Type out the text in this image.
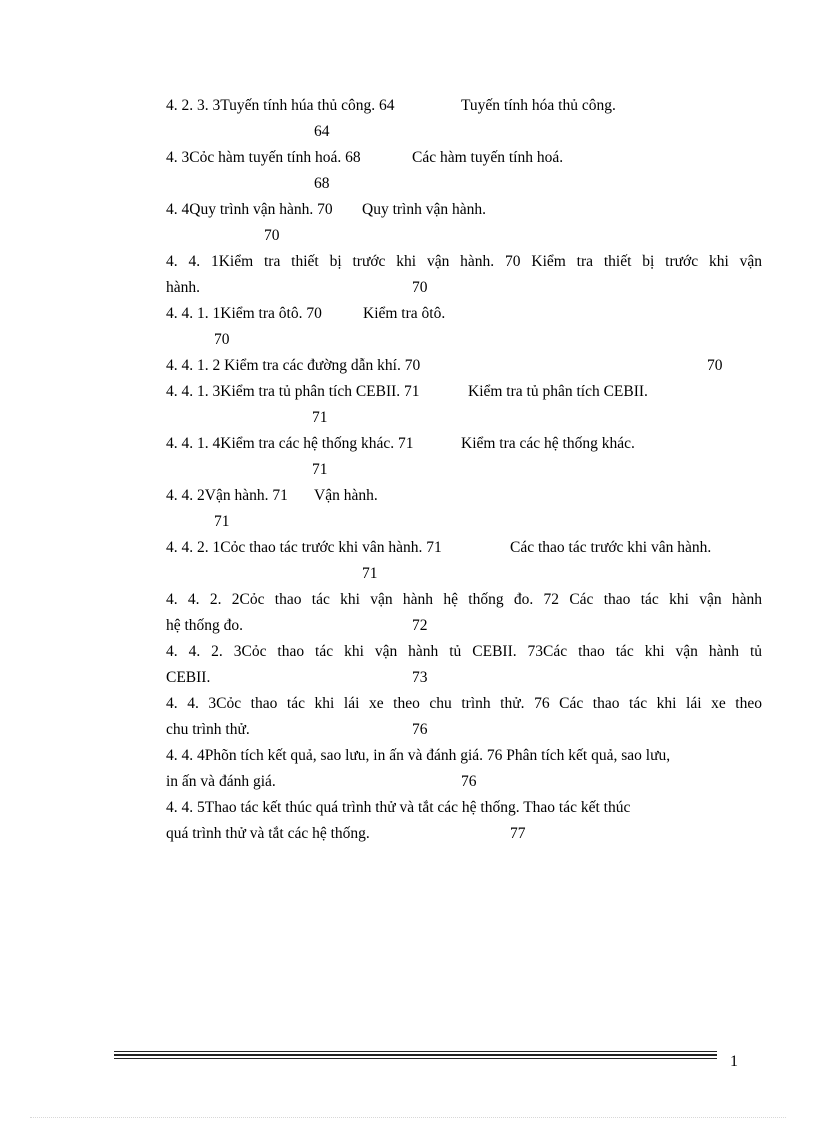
4. 2. 3. 3Tuyến tính húa thủ công. 64	Tuyến tính hóa thủ công.
64
4. 3Cỏc hàm tuyến tính hoá. 68	Các hàm tuyến tính hoá.
68
4. 4Quy trình vận hành. 70 Quy trình vận hành.
70
4. 4. 1Kiểm tra thiết bị trước khi vận hành. 70 Kiểm tra thiết bị trước khi vận
hành.	70
4. 4. 1. 1Kiểm tra ôtô. 70	Kiểm tra ôtô.
70
4. 4. 1. 2 Kiểm tra các đường dẫn khí. 70	70
4. 4. 1. 3Kiểm tra tủ phân tích CEBII. 71	Kiểm tra tủ phân tích CEBII.
71
4. 4. 1. 4Kiểm tra các hệ thống khác. 71	Kiểm tra các hệ thống khác.
71
4. 4. 2Vận hành. 71 Vận hành.
71
4. 4. 2. 1Cỏc thao tác trước khi vân hành. 71	Các thao tác trước khi vân hành.
71
4. 4. 2. 2Cỏc thao tác khi vận hành hệ thống đo. 72 Các thao tác khi vận hành
hệ thống đo.	72
4. 4. 2. 3Cỏc thao tác khi vận hành tủ CEBII. 73Các thao tác khi vận hành tủ
CEBII.	73
4. 4. 3Cỏc thao tác khi lái xe theo chu trình thử. 76 Các thao tác khi lái xe theo
chu trình thử.	76
4. 4. 4Phõn tích kết quả, sao lưu, in ấn và đánh giá. 76 Phân tích kết quả, sao lưu,
in ấn và đánh giá.	76
4. 4. 5Thao tác kết thúc quá trình thử và tắt các hệ thống. Thao tác kết thúc
quá trình thử và tắt các hệ thống.	77
1
